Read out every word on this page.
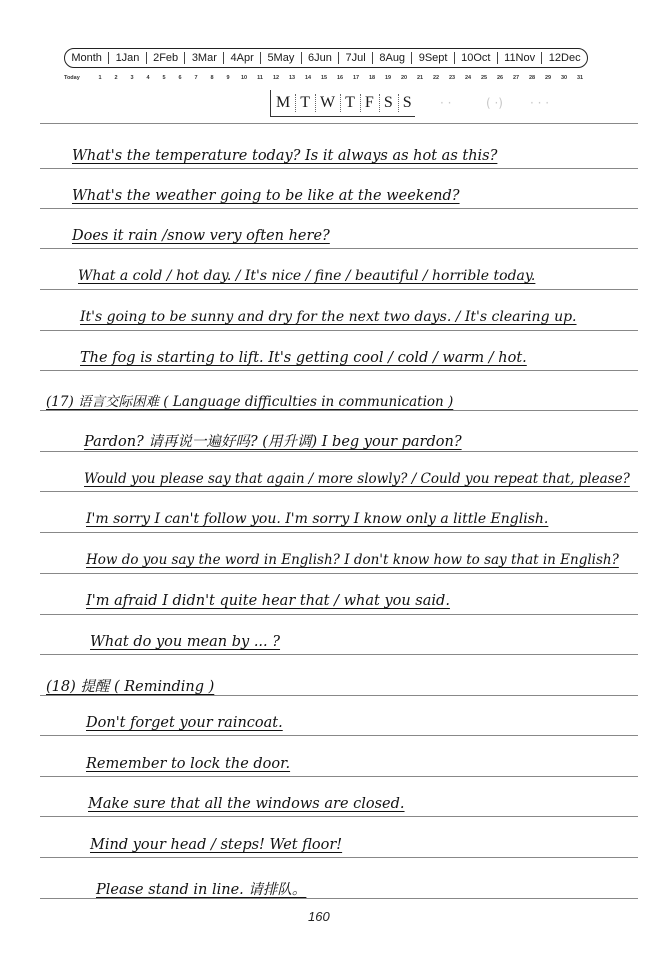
Month	1Jan	2Feb	3Mar	4Apr	5May	6Jun	7Jul	8Aug	9Sept	10Oct	11Nov	12Dec
Today	1	2	3	4	5	6	7	8	9	10	11	12	13	14	15	16	17	18	19	20	21	22	23	24	25	26	27	28	29	30	31
M T W T F S S	· ·	( ·) · · ·
What's the temperature today? Is it always as hot as this?
What's the weather going to be like at the weekend?
Does it rain /snow very often here?
What a cold / hot day. / It's nice / fine / beautiful / horrible today.
It's going to be sunny and dry for the next two days. / It's clearing up.
The fog is starting to lift. It's getting cool / cold / warm / hot.
(17) 语言交际困难 ( Language difficulties in communication )
Pardon? 请再说一遍好吗? (用升调) I beg your pardon?
Would you please say that again / more slowly? / Could you repeat that, please?
I'm sorry I can't follow you. I'm sorry I know only a little English.
How do you say the word in English? I don't know how to say that in English?
I'm afraid I didn't quite hear that / what you said.
What do you mean by ... ?
(18) 提醒 ( Reminding )
Don't forget your raincoat.
Remember to lock the door.
Make sure that all the windows are closed.
Mind your head / steps! Wet floor!
Please stand in line. 请排队。
160
